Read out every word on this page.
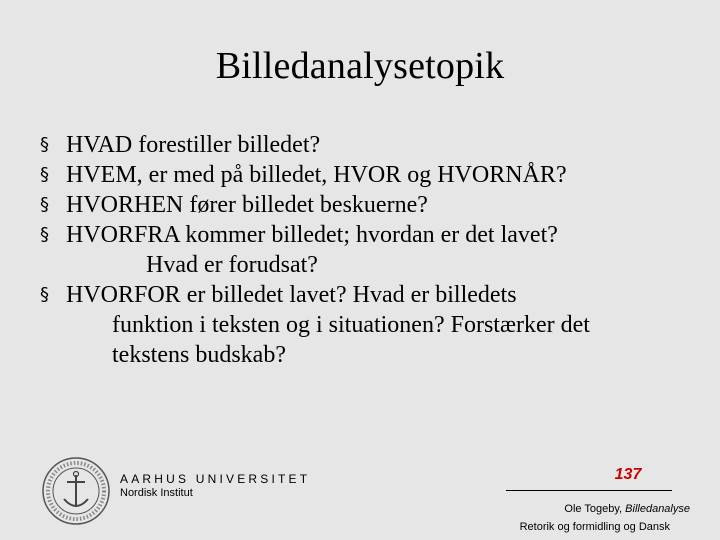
Billedanalysetopik
§ HVAD forestiller billedet?
§ HVEM, er med på billedet, HVOR og HVORNÅR?
§ HVORHEN fører billedet beskuerne?
§ HVORFRA kommer billedet; hvordan er det lavet?
Hvad er forudsat?
§ HVORFOR er billedet lavet? Hvad er billedets
funktion i teksten og i situationen? Forstærker det
tekstens budskab?
AARHUS UNIVERSITET
Nordisk Institut
137
Ole Togeby, Billedanalyse
Retorik og formidling og Dansk
